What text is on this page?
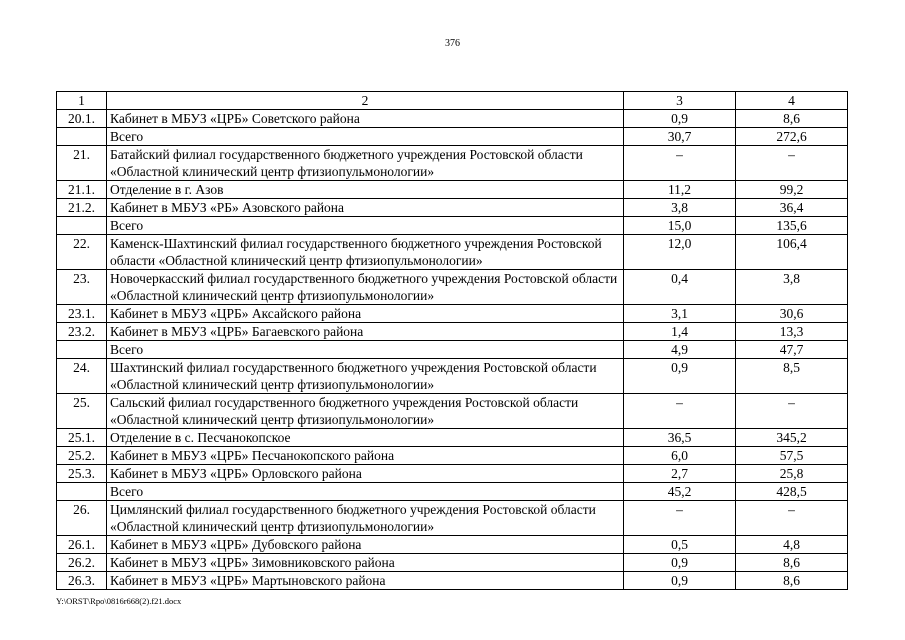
376
1	2	3	4
20.1.	Кабинет в МБУЗ «ЦРБ» Советского района	0,9	8,6
	Всего	30,7	272,6
21.	Батайский филиал государственного бюджетного учреждения Ростовской области «Областной клинический центр фтизиопульмонологии»	–	–
21.1.	Отделение в г. Азов	11,2	99,2
21.2.	Кабинет в МБУЗ «РБ» Азовского района	3,8	36,4
	Всего	15,0	135,6
22.	Каменск-Шахтинский филиал государственного бюджетного учреждения Ростовской области «Областной клинический центр фтизиопульмонологии»	12,0	106,4
23.	Новочеркасский филиал государственного бюджетного учреждения Ростовской области «Областной клинический центр фтизиопульмонологии»	0,4	3,8
23.1.	Кабинет в МБУЗ «ЦРБ» Аксайского района	3,1	30,6
23.2.	Кабинет в МБУЗ «ЦРБ» Багаевского района	1,4	13,3
	Всего	4,9	47,7
24.	Шахтинский филиал государственного бюджетного учреждения Ростовской области «Областной клинический центр фтизиопульмонологии»	0,9	8,5
25.	Сальский филиал государственного бюджетного учреждения Ростовской области «Областной клинический центр фтизиопульмонологии»	–	–
25.1.	Отделение в с. Песчанокопское	36,5	345,2
25.2.	Кабинет в МБУЗ «ЦРБ» Песчанокопского района	6,0	57,5
25.3.	Кабинет в МБУЗ «ЦРБ» Орловского района	2,7	25,8
	Всего	45,2	428,5
26.	Цимлянский филиал государственного бюджетного учреждения Ростовской области «Областной клинический центр фтизиопульмонологии»	–	–
26.1.	Кабинет в МБУЗ «ЦРБ» Дубовского района	0,5	4,8
26.2.	Кабинет в МБУЗ «ЦРБ» Зимовниковского района	0,9	8,6
26.3.	Кабинет в МБУЗ «ЦРБ» Мартыновского района	0,9	8,6
Y:\ORST\Rpo\0816r668(2).f21.docx
